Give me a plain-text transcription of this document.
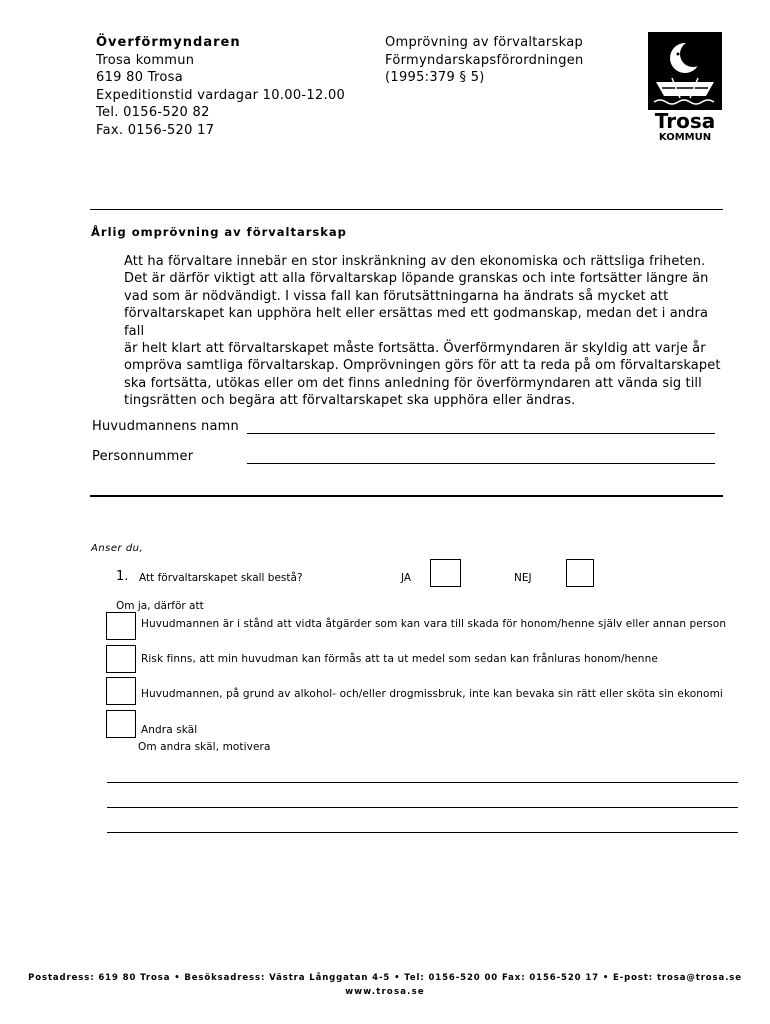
Överförmyndaren
Trosa kommun
619 80 Trosa
Expeditionstid vardagar 10.00-12.00
Tel. 0156-520 82
Fax. 0156-520 17
Omprövning av förvaltarskap
Förmyndarskapsförordningen
(1995:379 § 5)
Trosa
KOMMUN
Årlig omprövning av förvaltarskap
Att ha förvaltare innebär en stor inskränkning av den ekonomiska och rättsliga friheten.
Det är därför viktigt att alla förvaltarskap löpande granskas och inte fortsätter längre än
vad som är nödvändigt. I vissa fall kan förutsättningarna ha ändrats så mycket att
förvaltarskapet kan upphöra helt eller ersättas med ett godmanskap, medan det i andra fall
är helt klart att förvaltarskapet måste fortsätta. Överförmyndaren är skyldig att varje år
ompröva samtliga förvaltarskap. Omprövningen görs för att ta reda på om förvaltarskapet
ska fortsätta, utökas eller om det finns anledning för överförmyndaren att vända sig till
tingsrätten och begära att förvaltarskapet ska upphöra eller ändras.
Huvudmannens namn
Personnummer
Anser du,
1. Att förvaltarskapet skall bestå?	JA	NEJ
Om ja, därför att
Huvudmannen är i stånd att vidta åtgärder som kan vara till skada för honom/henne själv eller annan person
Risk finns, att min huvudman kan förmås att ta ut medel som sedan kan frånluras honom/henne
Huvudmannen, på grund av alkohol- och/eller drogmissbruk, inte kan bevaka sin rätt eller sköta sin ekonomi
Andra skäl
Om andra skäl, motivera
Postadress: 619 80 Trosa • Besöksadress: Västra Långgatan 4-5 • Tel: 0156-520 00 Fax: 0156-520 17 • E-post: trosa@trosa.se
www.trosa.se
